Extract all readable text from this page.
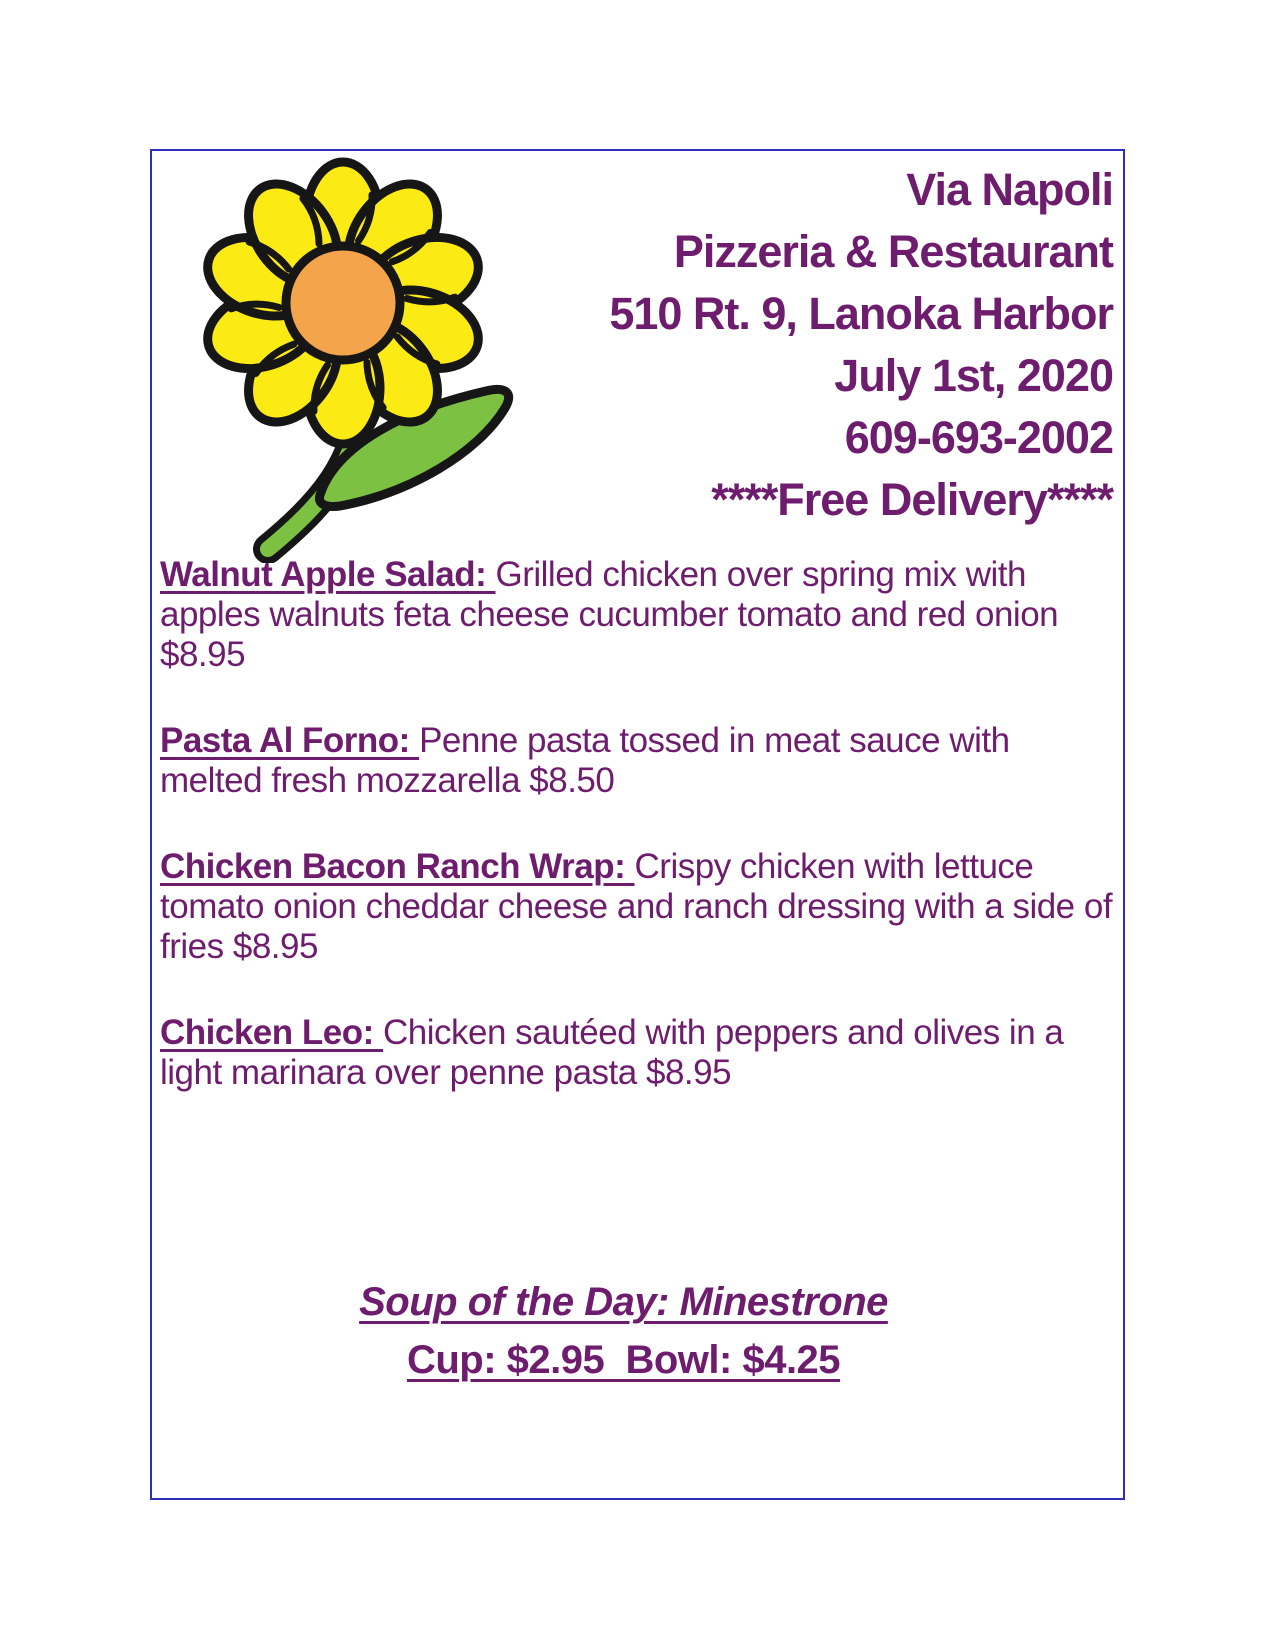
Via Napoli
Pizzeria & Restaurant
510 Rt. 9, Lanoka Harbor
July 1st, 2020
609-693-2002
****Free Delivery****

Walnut Apple Salad: Grilled chicken over spring mix with apples walnuts feta cheese cucumber tomato and red onion $8.95

Pasta Al Forno: Penne pasta tossed in meat sauce with melted fresh mozzarella $8.50

Chicken Bacon Ranch Wrap: Crispy chicken with lettuce tomato onion cheddar cheese and ranch dressing with a side of fries $8.95

Chicken Leo: Chicken sautéed with peppers and olives in a light marinara over penne pasta $8.95

Soup of the Day: Minestrone
Cup: $2.95  Bowl: $4.25
